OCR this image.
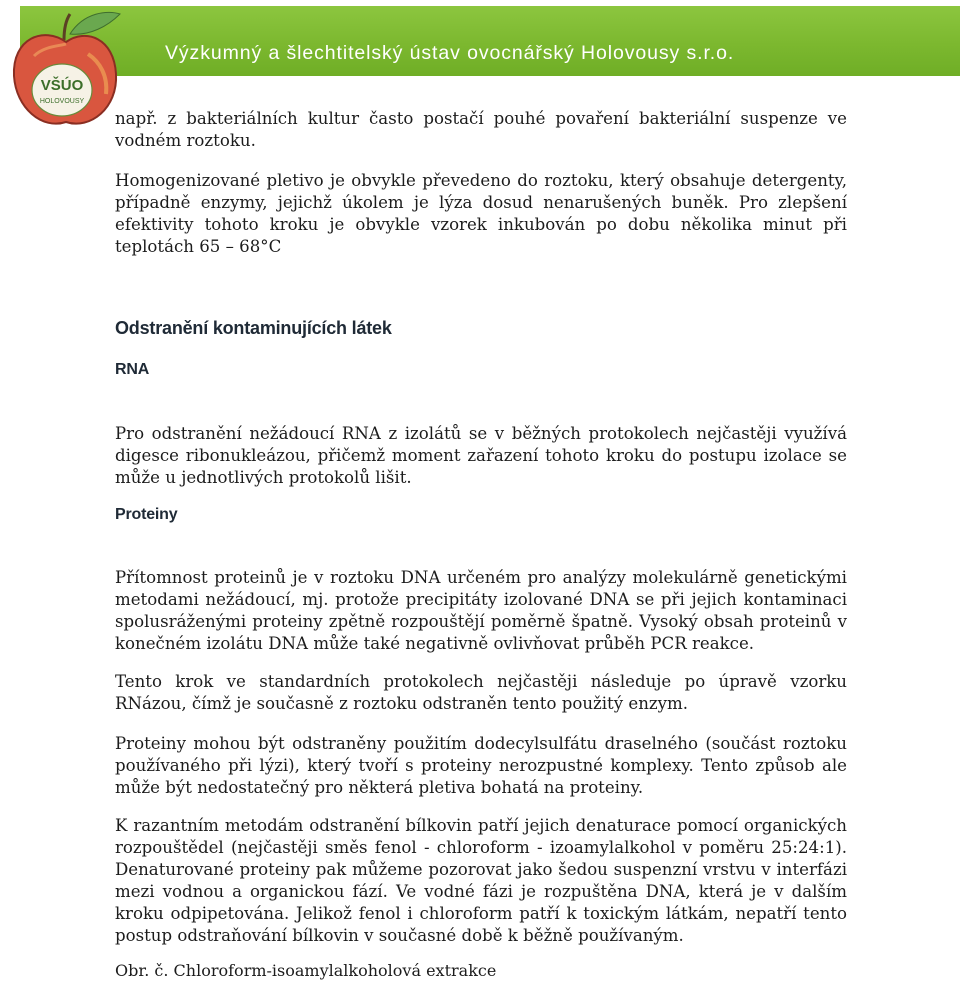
Výzkumný a šlechtitelský ústav ovocnářský Holovousy s.r.o.
VŠÚO
HOLOVOUSY

např. z bakteriálních kultur často postačí pouhé povaření bakteriální suspenze ve vodném roztoku.

Homogenizované pletivo je obvykle převedeno do roztoku, který obsahuje detergenty, případně enzymy, jejichž úkolem je lýza dosud nenarušených buněk. Pro zlepšení efektivity tohoto kroku je obvykle vzorek inkubován po dobu několika minut při teplotách 65 – 68°C

Odstranění kontaminujících látek
RNA

Pro odstranění nežádoucí RNA z izolátů se v běžných protokolech nejčastěji využívá digesce ribonukleázou, přičemž moment zařazení tohoto kroku do postupu izolace se může u jednotlivých protokolů lišit.

Proteiny

Přítomnost proteinů je v roztoku DNA určeném pro analýzy molekulárně genetickými metodami nežádoucí, mj. protože precipitáty izolované DNA se při jejich kontaminaci spolusráženými proteiny zpětně rozpouštějí poměrně špatně. Vysoký obsah proteinů v konečném izolátu DNA může také negativně ovlivňovat průběh PCR reakce.

Tento krok ve standardních protokolech nejčastěji následuje po úpravě vzorku RNázou, čímž je současně z roztoku odstraněn tento použitý enzym.

Proteiny mohou být odstraněny použitím dodecylsulfátu draselného (součást roztoku používaného při lýzi), který tvoří s proteiny nerozpustné komplexy. Tento způsob ale může být nedostatečný pro některá pletiva bohatá na proteiny.

K razantním metodám odstranění bílkovin patří jejich denaturace pomocí organických rozpouštědel (nejčastěji směs fenol - chloroform - izoamylalkohol v poměru 25:24:1). Denaturované proteiny pak můžeme pozorovat jako šedou suspenzní vrstvu v interfázi mezi vodnou a organickou fází. Ve vodné fázi je rozpuštěna DNA, která je v dalším kroku odpipetována. Jelikož fenol i chloroform patří k toxickým látkám, nepatří tento postup odstraňování bílkovin v současné době k běžně používaným.

Obr. č. Chloroform-isoamylalkoholová extrakce
